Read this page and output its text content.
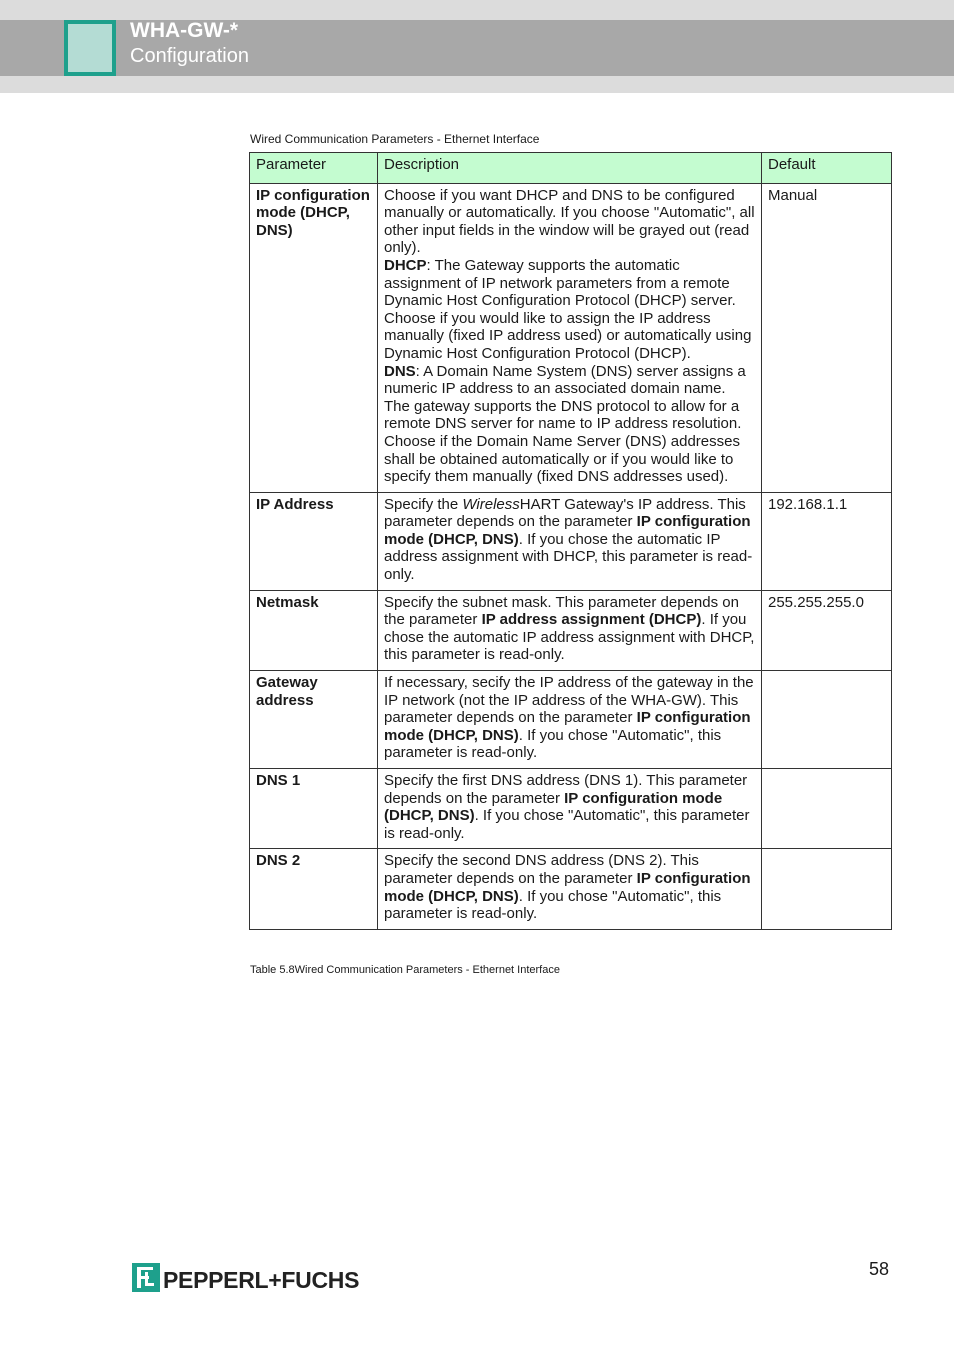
WHA-GW-*
Configuration
Wired Communication Parameters - Ethernet Interface
Parameter	Description	Default
IP configuration mode (DHCP, DNS)	Choose if you want DHCP and DNS to be configured manually or automatically. If you choose "Automatic", all other input fields in the window will be grayed out (read only).
DHCP: The Gateway supports the automatic assignment of IP network parameters from a remote Dynamic Host Configuration Protocol (DHCP) server. Choose if you would like to assign the IP address manually (fixed IP address used) or automatically using Dynamic Host Configuration Protocol (DHCP).
DNS: A Domain Name System (DNS) server assigns a numeric IP address to an associated domain name. The gateway supports the DNS protocol to allow for a remote DNS server for name to IP address resolution. Choose if the Domain Name Server (DNS) addresses shall be obtained automatically or if you would like to specify them manually (fixed DNS addresses used).	Manual
IP Address	Specify the WirelessHART Gateway's IP address. This parameter depends on the parameter IP configuration mode (DHCP, DNS). If you chose the automatic IP address assignment with DHCP, this parameter is read-only.	192.168.1.1
Netmask	Specify the subnet mask. This parameter depends on the parameter IP address assignment (DHCP). If you chose the automatic IP address assignment with DHCP, this parameter is read-only.	255.255.255.0
Gateway address	If necessary, secify the IP address of the gateway in the IP network (not the IP address of the WHA-GW). This parameter depends on the parameter IP configuration mode (DHCP, DNS). If you chose "Automatic", this parameter is read-only.	

DNS 1	Specify the first DNS address (DNS 1). This parameter depends on the parameter IP configuration mode (DHCP, DNS). If you chose "Automatic", this parameter is read-only.	

DNS 2	Specify the second DNS address (DNS 2). This parameter depends on the parameter IP configuration mode (DHCP, DNS). If you chose "Automatic", this parameter is read-only.	

Table 5.8Wired Communication Parameters - Ethernet Interface
PEPPERL+FUCHS	58
